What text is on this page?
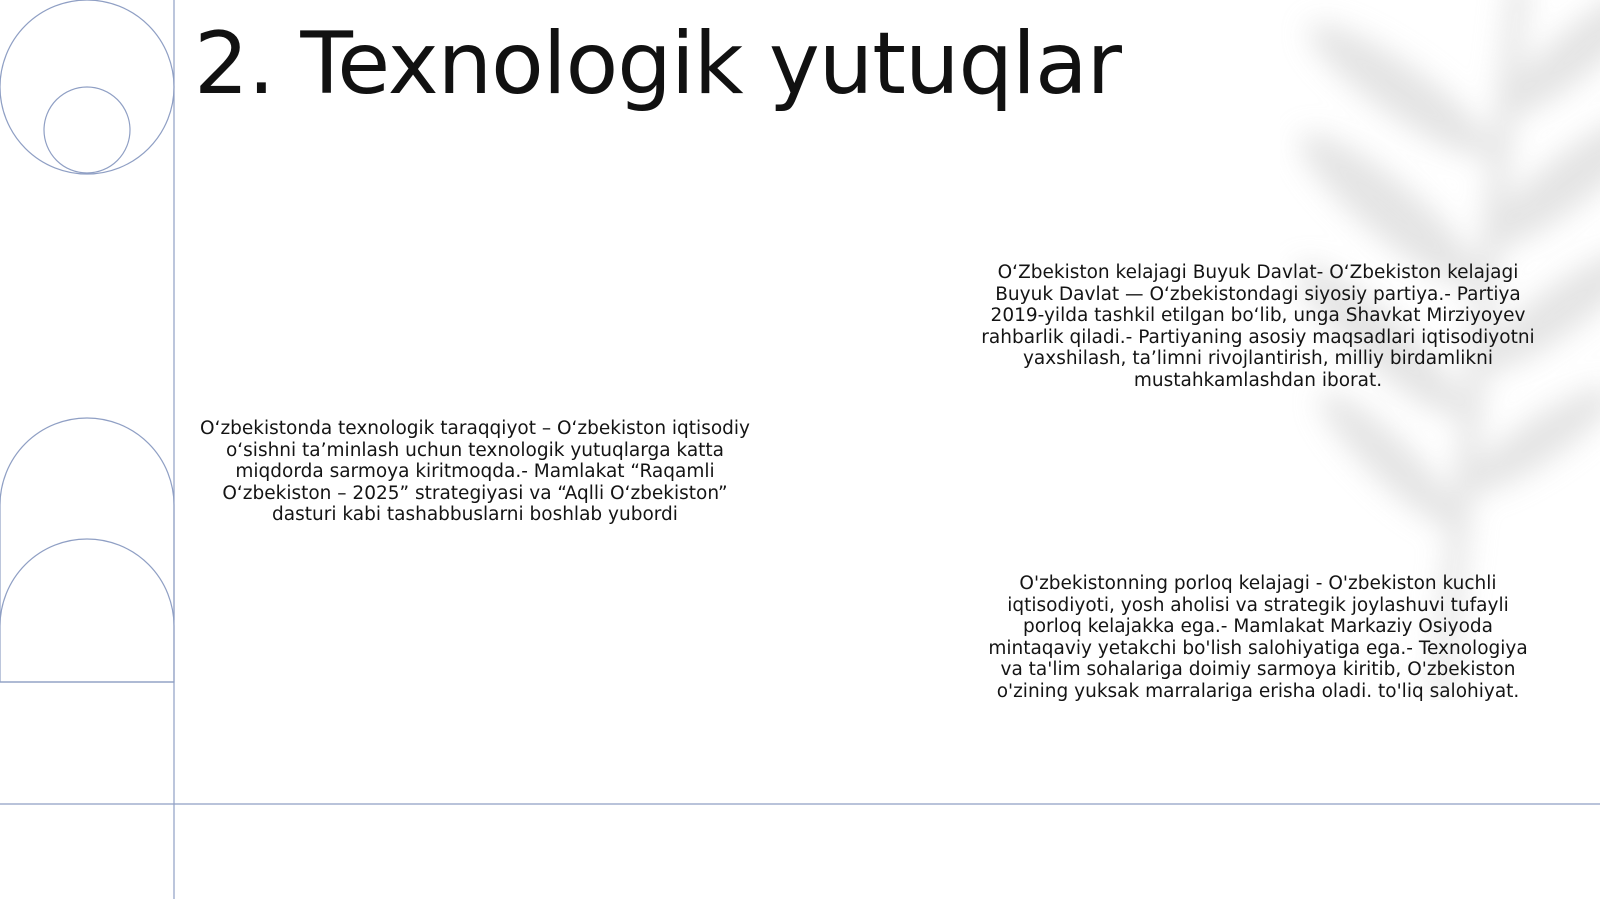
2. Texnologik yutuqlar

O‘zbekistonda texnologik taraqqiyot – O‘zbekiston iqtisodiy o‘sishni ta’minlash uchun texnologik yutuqlarga katta miqdorda sarmoya kiritmoqda.- Mamlakat “Raqamli O‘zbekiston – 2025” strategiyasi va “Aqlli O‘zbekiston” dasturi kabi tashabbuslarni boshlab yubordi

O‘Zbekiston kelajagi Buyuk Davlat- O‘Zbekiston kelajagi Buyuk Davlat — O‘zbekistondagi siyosiy partiya.- Partiya 2019-yilda tashkil etilgan bo‘lib, unga Shavkat Mirziyoyev rahbarlik qiladi.- Partiyaning asosiy maqsadlari iqtisodiyotni yaxshilash, ta’limni rivojlantirish, milliy birdamlikni mustahkamlashdan iborat.

O'zbekistonning porloq kelajagi - O'zbekiston kuchli iqtisodiyoti, yosh aholisi va strategik joylashuvi tufayli porloq kelajakka ega.- Mamlakat Markaziy Osiyoda mintaqaviy yetakchi bo'lish salohiyatiga ega.- Texnologiya va ta'lim sohalariga doimiy sarmoya kiritib, O'zbekiston o'zining yuksak marralariga erisha oladi. to'liq salohiyat.
